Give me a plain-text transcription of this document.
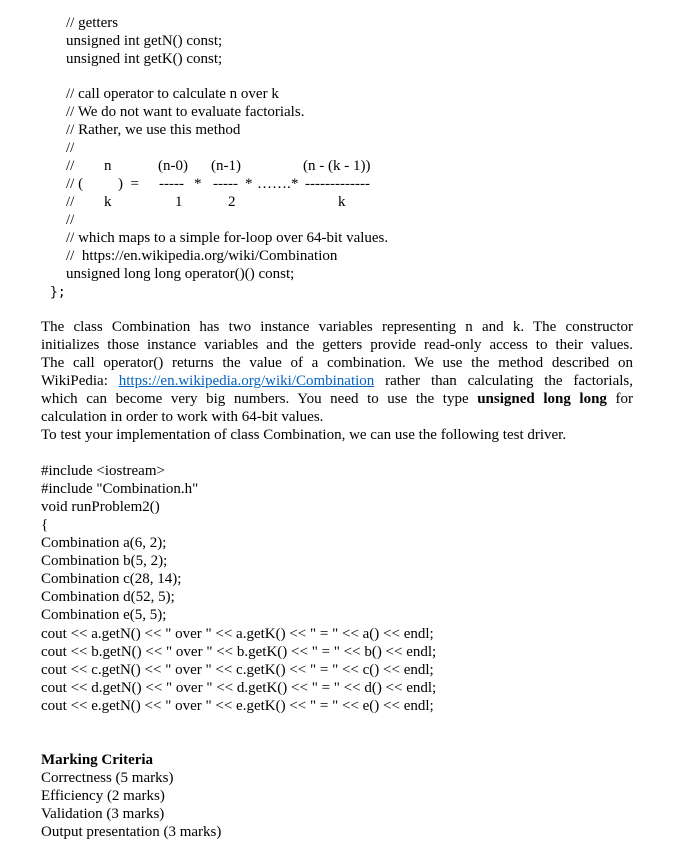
// getters
unsigned int getN() const;
unsigned int getK() const;
// call operator to calculate n over k
// We do not want to evaluate factorials.
// Rather, we use this method
//
// n	(n-0) (n-1)	(n - (k - 1))
// ( )  = ----- * ----- * ……. * -------------
// k	1	2	k
//
// which maps to a simple for-loop over 64-bit values.
//  https://en.wikipedia.org/wiki/Combination
unsigned long long operator()() const;
};
The class Combination has two instance variables representing n and k. The constructor
initializes those instance variables and the getters provide read-only access to their values.
The call operator() returns the value of a combination. We use the method described on
WikiPedia: https://en.wikipedia.org/wiki/Combination rather than calculating the factorials,
which can become very big numbers. You need to use the type unsigned long long for
calculation in order to work with 64-bit values.
To test your implementation of class Combination, we can use the following test driver.
#include <iostream>
#include "Combination.h"
void runProblem2()
{
Combination a(6, 2);
Combination b(5, 2);
Combination c(28, 14);
Combination d(52, 5);
Combination e(5, 5);
cout << a.getN() << " over " << a.getK() << " = " << a() << endl;
cout << b.getN() << " over " << b.getK() << " = " << b() << endl;
cout << c.getN() << " over " << c.getK() << " = " << c() << endl;
cout << d.getN() << " over " << d.getK() << " = " << d() << endl;
cout << e.getN() << " over " << e.getK() << " = " << e() << endl;
Marking Criteria
Correctness (5 marks)
Efficiency (2 marks)
Validation (3 marks)
Output presentation (3 marks)
